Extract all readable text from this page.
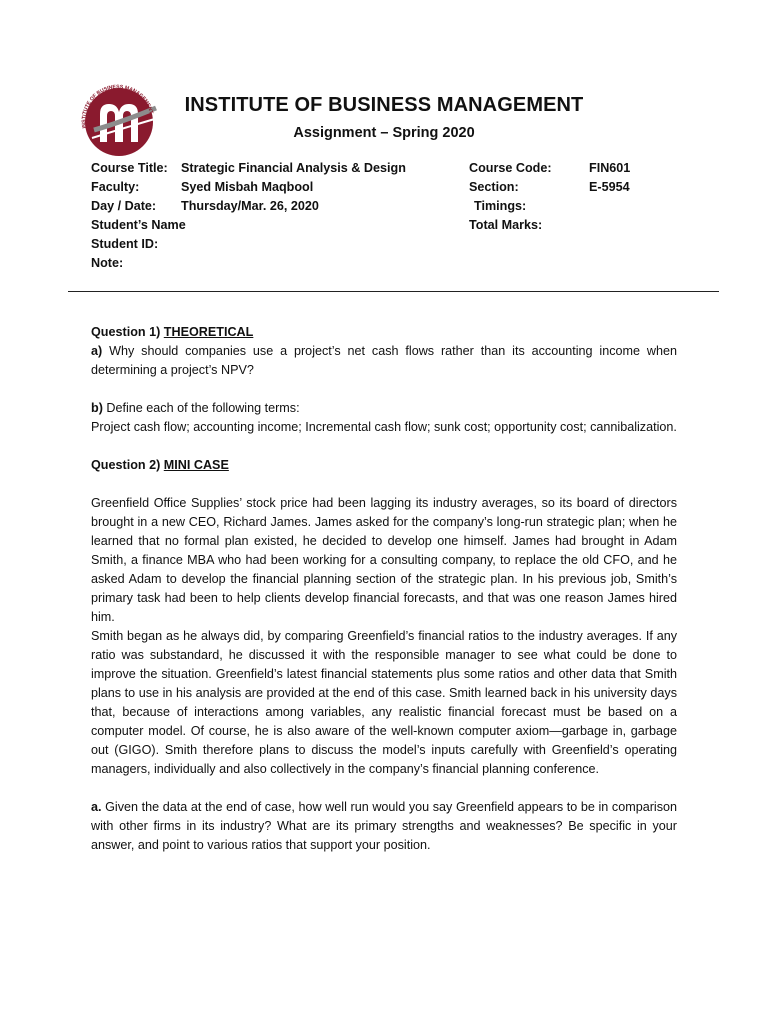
INSTITUTE OF BUSINESS MANAGEMENT	INSTITUTE OF BUSINESS MANAGEMENT
Assignment – Spring 2020
Course Title:
Faculty:
Day / Date:
Student’s Name
Student ID:
Note:
Strategic Financial Analysis & Design
Syed Misbah Maqbool
Thursday/Mar. 26, 2020
Course Code:
Section:
Timings:
Total Marks:
FIN601
E-5954

Question 1) THEORETICAL

a) Why should companies use a project’s net cash flows rather than its accounting income when determining a project’s NPV?

b) Define each of the following terms:

Project cash flow; accounting income; Incremental cash flow; sunk cost; opportunity cost; cannibalization.

Question 2) MINI CASE

Greenfield Office Supplies’ stock price had been lagging its industry averages, so its board of directors brought in a new CEO, Richard James. James asked for the company’s long-run strategic plan; when he learned that no formal plan existed, he decided to develop one himself. James had brought in Adam Smith, a finance MBA who had been working for a consulting company, to replace the old CFO, and he asked Adam to develop the financial planning section of the strategic plan. In his previous job, Smith’s primary task had been to help clients develop financial forecasts, and that was one reason James hired him.

Smith began as he always did, by comparing Greenfield’s financial ratios to the industry averages. If any ratio was substandard, he discussed it with the responsible manager to see what could be done to improve the situation. Greenfield’s latest financial statements plus some ratios and other data that Smith plans to use in his analysis are provided at the end of this case. Smith learned back in his university days that, because of interactions among variables, any realistic financial forecast must be based on a computer model. Of course, he is also aware of the well-known computer axiom—garbage in, garbage out (GIGO). Smith therefore plans to discuss the model’s inputs carefully with Greenfield’s operating managers, individually and also collectively in the company’s financial planning conference.

a. Given the data at the end of case, how well run would you say Greenfield appears to be in comparison with other firms in its industry? What are its primary strengths and weaknesses? Be specific in your answer, and point to various ratios that support your position.
